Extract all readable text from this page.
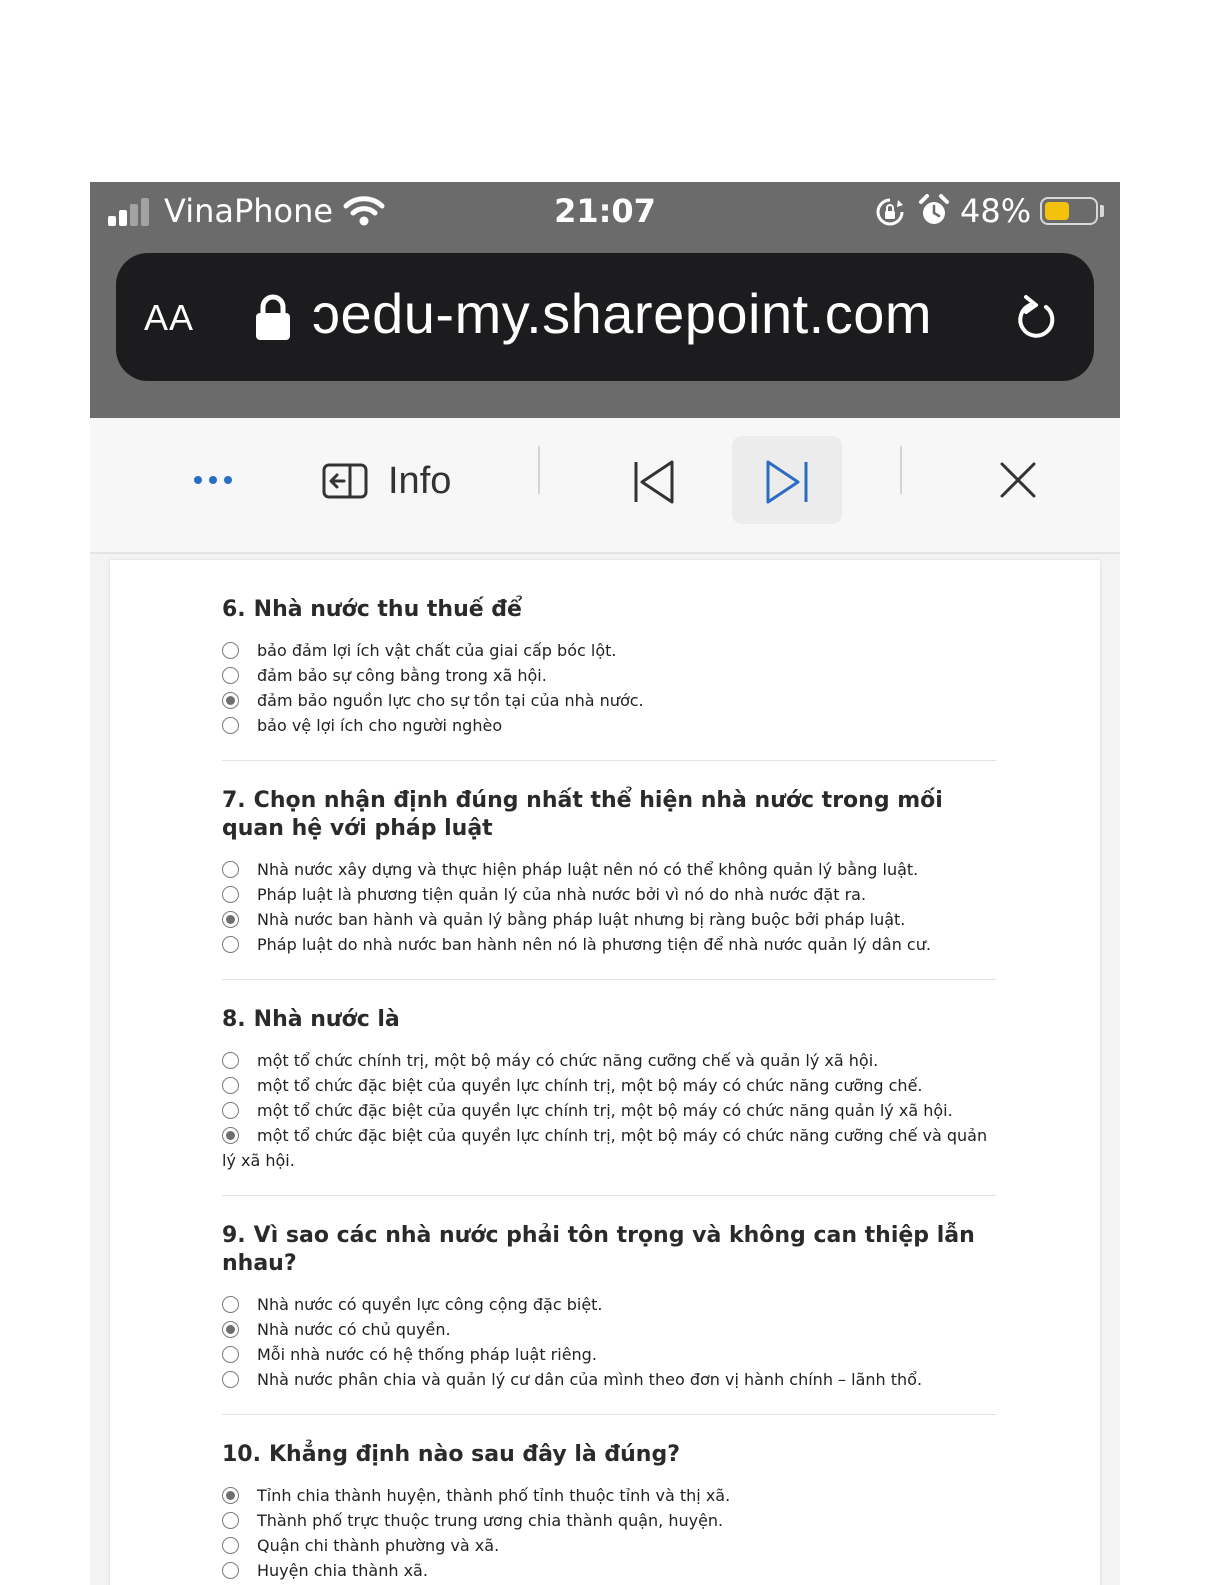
VinaPhone	21:07	48%
AA ɔedu-my.sharepoint.com
Info
6. Nhà nước thu thuế để
bảo đảm lợi ích vật chất của giai cấp bóc lột.
đảm bảo sự công bằng trong xã hội.
đảm bảo nguồn lực cho sự tồn tại của nhà nước.
bảo vệ lợi ích cho người nghèo
7. Chọn nhận định đúng nhất thể hiện nhà nước trong mối quan hệ với pháp luật
Nhà nước xây dựng và thực hiện pháp luật nên nó có thể không quản lý bằng luật.
Pháp luật là phương tiện quản lý của nhà nước bởi vì nó do nhà nước đặt ra.
Nhà nước ban hành và quản lý bằng pháp luật nhưng bị ràng buộc bởi pháp luật.
Pháp luật do nhà nước ban hành nên nó là phương tiện để nhà nước quản lý dân cư.
8. Nhà nước là
một tổ chức chính trị, một bộ máy có chức năng cưỡng chế và quản lý xã hội.
một tổ chức đặc biệt của quyền lực chính trị, một bộ máy có chức năng cưỡng chế.
một tổ chức đặc biệt của quyền lực chính trị, một bộ máy có chức năng quản lý xã hội.
một tổ chức đặc biệt của quyền lực chính trị, một bộ máy có chức năng cưỡng chế và quản lý xã hội.
9. Vì sao các nhà nước phải tôn trọng và không can thiệp lẫn nhau?
Nhà nước có quyền lực công cộng đặc biệt.
Nhà nước có chủ quyền.
Mỗi nhà nước có hệ thống pháp luật riêng.
Nhà nước phân chia và quản lý cư dân của mình theo đơn vị hành chính – lãnh thổ.
10. Khẳng định nào sau đây là đúng?
Tỉnh chia thành huyện, thành phố tỉnh thuộc tỉnh và thị xã.
Thành phố trực thuộc trung ương chia thành quận, huyện.
Quận chi thành phường và xã.
Huyện chia thành xã.
